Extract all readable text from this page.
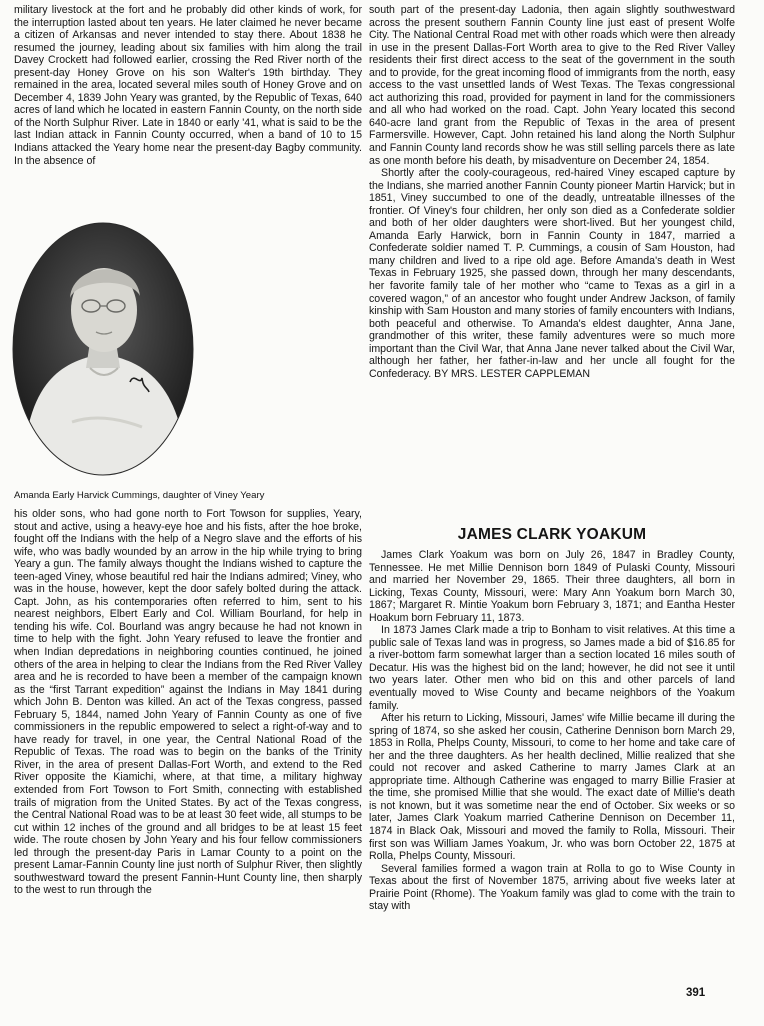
military livestock at the fort and he probably did other kinds of work, for the interruption lasted about ten years. He later claimed he never became a citizen of Arkansas and never intended to stay there. About 1838 he resumed the journey, leading about six families with him along the trail Davey Crockett had followed earlier, crossing the Red River north of the present-day Honey Grove on his son Walter's 19th birthday. They remained in the area, located several miles south of Honey Grove and on December 4, 1839 John Yeary was granted, by the Republic of Texas, 640 acres of land which he located in eastern Fannin County, on the north side of the North Sulphur River. Late in 1840 or early '41, what is said to be the last Indian attack in Fannin County occurred, when a band of 10 to 15 Indians attacked the Yeary home near the present-day Bagby community. In the absence of

Amanda Early Harvick Cummings, daughter of Viney Yeary

his older sons, who had gone north to Fort Towson for supplies, Yeary, stout and active, using a heavy-eye hoe and his fists, after the hoe broke, fought off the Indians with the help of a Negro slave and the efforts of his wife, who was badly wounded by an arrow in the hip while trying to bring Yeary a gun. The family always thought the Indians wished to capture the teen-aged Viney, whose beautiful red hair the Indians admired; Viney, who was in the house, however, kept the door safely bolted during the attack. Capt. John, as his contemporaries often referred to him, sent to his nearest neighbors, Elbert Early and Col. William Bourland, for help in tending his wife. Col. Bourland was angry because he had not known in time to help with the fight. John Yeary refused to leave the frontier and when Indian depredations in neighboring counties continued, he joined others of the area in helping to clear the Indians from the Red River Valley area and he is recorded to have been a member of the campaign known as the “first Tarrant expedition” against the Indians in May 1841 during which John B. Denton was killed. An act of the Texas congress, passed February 5, 1844, named John Yeary of Fannin County as one of five commissioners in the republic empowered to select a right-of-way and to have ready for travel, in one year, the Central National Road of the Republic of Texas. The road was to begin on the banks of the Trinity River, in the area of present Dallas-Fort Worth, and extend to the Red River opposite the Kiamichi, where, at that time, a military highway extended from Fort Towson to Fort Smith, connecting with established trails of migration from the United States. By act of the Texas congress, the Central National Road was to be at least 30 feet wide, all stumps to be cut within 12 inches of the ground and all bridges to be at least 15 feet wide. The route chosen by John Yeary and his four fellow commissioners led through the present-day Paris in Lamar County to a point on the present Lamar-Fannin County line just north of Sulphur River, then slightly southwestward toward the present Fannin-Hunt County line, then sharply to the west to run through the

south part of the present-day Ladonia, then again slightly southwestward across the present southern Fannin County line just east of present Wolfe City. The National Central Road met with other roads which were then already in use in the present Dallas-Fort Worth area to give to the Red River Valley residents their first direct access to the seat of the government in the south and to provide, for the great incoming flood of immigrants from the north, easy access to the vast unsettled lands of West Texas. The Texas congressional act authorizing this road, provided for payment in land for the commissioners and all who had worked on the road. Capt. John Yeary located this second 640-acre land grant from the Republic of Texas in the area of present Farmersville. However, Capt. John retained his land along the North Sulphur and Fannin County land records show he was still selling parcels there as late as one month before his death, by misadventure on December 24, 1854.

Shortly after the cooly-courageous, red-haired Viney escaped capture by the Indians, she married another Fannin County pioneer Martin Harvick; but in 1851, Viney succumbed to one of the deadly, untreatable illnesses of the frontier. Of Viney's four children, her only son died as a Confederate soldier and both of her older daughters were short-lived. But her youngest child, Amanda Early Harwick, born in Fannin County in 1847, married a Confederate soldier named T. P. Cummings, a cousin of Sam Houston, had many children and lived to a ripe old age. Before Amanda's death in West Texas in February 1925, she passed down, through her many descendants, her favorite family tale of her mother who “came to Texas as a girl in a covered wagon,” of an ancestor who fought under Andrew Jackson, of family kinship with Sam Houston and many stories of family encounters with Indians, both peaceful and otherwise. To Amanda's eldest daughter, Anna Jane, grandmother of this writer, these family adventures were so much more important than the Civil War, that Anna Jane never talked about the Civil War, although her father, her father-in-law and her uncle all fought for the Confederacy. BY MRS. LESTER CAPPLEMAN

JAMES CLARK YOAKUM

James Clark Yoakum was born on July 26, 1847 in Bradley County, Tennessee. He met Millie Dennison born 1849 of Pulaski County, Missouri and married her November 29, 1865. Their three daughters, all born in Licking, Texas County, Missouri, were: Mary Ann Yoakum born March 30, 1867; Margaret R. Mintie Yoakum born February 3, 1871; and Eantha Hester Hoakum born February 11, 1873.

In 1873 James Clark made a trip to Bonham to visit relatives. At this time a public sale of Texas land was in progress, so James made a bid of $16.85 for a river-bottom farm somewhat larger than a section located 16 miles south of Decatur. His was the highest bid on the land; however, he did not see it until two years later. Other men who bid on this and other parcels of land eventually moved to Wise County and became neighbors of the Yoakum family.

After his return to Licking, Missouri, James' wife Millie became ill during the spring of 1874, so she asked her cousin, Catherine Dennison born March 29, 1853 in Rolla, Phelps County, Missouri, to come to her home and take care of her and the three daughters. As her health declined, Millie realized that she could not recover and asked Catherine to marry James Clark at an appropriate time. Although Catherine was engaged to marry Billie Frasier at the time, she promised Millie that she would. The exact date of Millie's death is not known, but it was sometime near the end of October. Six weeks or so later, James Clark Yoakum married Catherine Dennison on December 11, 1874 in Black Oak, Missouri and moved the family to Rolla, Missouri. Their first son was William James Yoakum, Jr. who was born October 22, 1875 at Rolla, Phelps County, Missouri.

Several families formed a wagon train at Rolla to go to Wise County in Texas about the first of November 1875, arriving about five weeks later at Prairie Point (Rhome). The Yoakum family was glad to come with the train to stay with

391
